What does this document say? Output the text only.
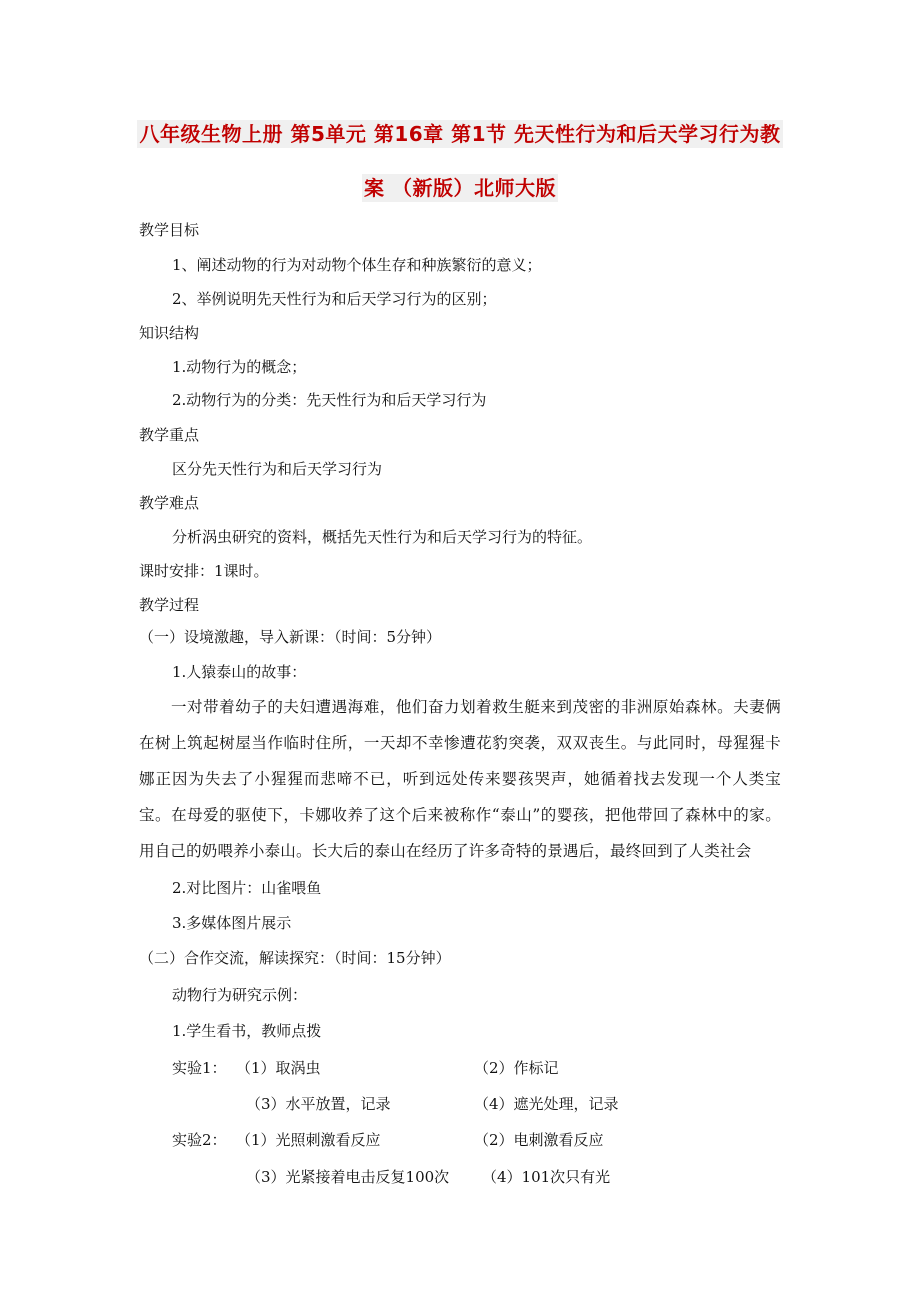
八年级生物上册 第5单元 第16章 第1节 先天性行为和后天学习行为教
案 （新版）北师大版
教学目标
1、阐述动物的行为对动物个体生存和种族繁衍的意义；
2、举例说明先天性行为和后天学习行为的区别；
知识结构
1.动物行为的概念；
2.动物行为的分类：先天性行为和后天学习行为
教学重点
区分先天性行为和后天学习行为
教学难点
分析涡虫研究的资料，概括先天性行为和后天学习行为的特征。
课时安排：1课时。
教学过程
（一）设境激趣，导入新课：（时间：5分钟）
1.人猿泰山的故事：
一对带着幼子的夫妇遭遇海难，他们奋力划着救生艇来到茂密的非洲原始森林。夫妻俩在树上筑起树屋当作临时住所，一天却不幸惨遭花豹突袭，双双丧生。与此同时，母猩猩卡娜正因为失去了小猩猩而悲啼不已，听到远处传来婴孩哭声，她循着找去发现一个人类宝宝。在母爱的驱使下，卡娜收养了这个后来被称作“泰山”的婴孩，把他带回了森林中的家。用自己的奶喂养小泰山。长大后的泰山在经历了许多奇特的景遇后，最终回到了人类社会
2.对比图片：山雀喂鱼
3.多媒体图片展示
（二）合作交流，解读探究：（时间：15分钟）
动物行为研究示例：
1.学生看书，教师点拨
实验1： （1）取涡虫	（2）作标记
（3）水平放置，记录	（4）遮光处理，记录
实验2： （1）光照刺激看反应	（2）电刺激看反应
（3）光紧接着电击反复100次 （4）101次只有光
